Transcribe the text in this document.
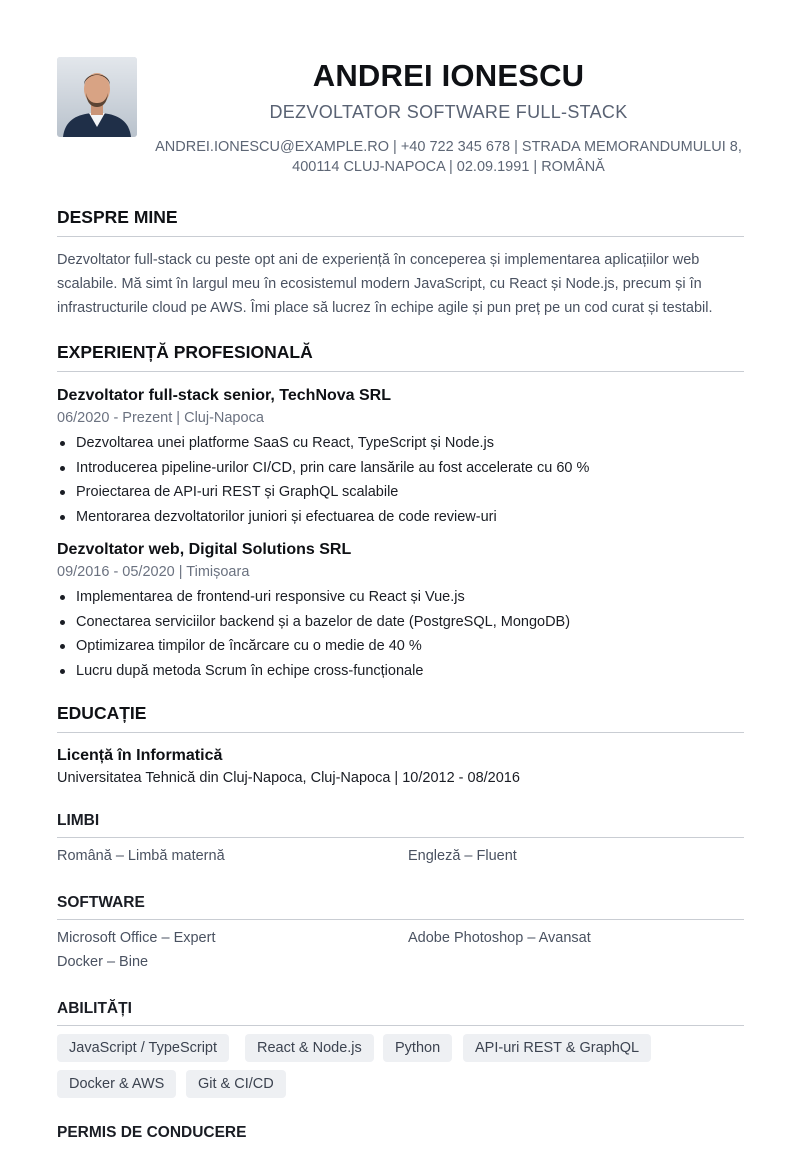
ANDREI IONESCU
DEZVOLTATOR SOFTWARE FULL-STACK
ANDREI.IONESCU@EXAMPLE.RO | +40 722 345 678 | STRADA MEMORANDUMULUI 8,
400114 CLUJ-NAPOCA | 02.09.1991 | ROMÂNĂ
DESPRE MINE
Dezvoltator full-stack cu peste opt ani de experiență în conceperea și implementarea aplicațiilor web scalabile. Mă simt în largul meu în ecosistemul modern JavaScript, cu React și Node.js, precum și în infrastructurile cloud pe AWS. Îmi place să lucrez în echipe agile și pun preț pe un cod curat și testabil.
EXPERIENȚĂ PROFESIONALĂ
Dezvoltator full-stack senior, TechNova SRL
06/2020 - Prezent | Cluj-Napoca
Dezvoltarea unei platforme SaaS cu React, TypeScript și Node.js
Introducerea pipeline-urilor CI/CD, prin care lansările au fost accelerate cu 60 %
Proiectarea de API-uri REST și GraphQL scalabile
Mentorarea dezvoltatorilor juniori și efectuarea de code review-uri
Dezvoltator web, Digital Solutions SRL
09/2016 - 05/2020 | Timișoara
Implementarea de frontend-uri responsive cu React și Vue.js
Conectarea serviciilor backend și a bazelor de date (PostgreSQL, MongoDB)
Optimizarea timpilor de încărcare cu o medie de 40 %
Lucru după metoda Scrum în echipe cross-funcționale
EDUCAȚIE
Licență în Informatică
Universitatea Tehnică din Cluj-Napoca, Cluj-Napoca | 10/2012 - 08/2016
LIMBI
Română – Limbă maternă	Engleză – Fluent
SOFTWARE
Microsoft Office – Expert	Adobe Photoshop – Avansat
Docker – Bine
ABILITĂȚI
JavaScript / TypeScript	React & Node.js	Python	API-uri REST & GraphQL
Docker & AWS	Git & CI/CD
PERMIS DE CONDUCERE
